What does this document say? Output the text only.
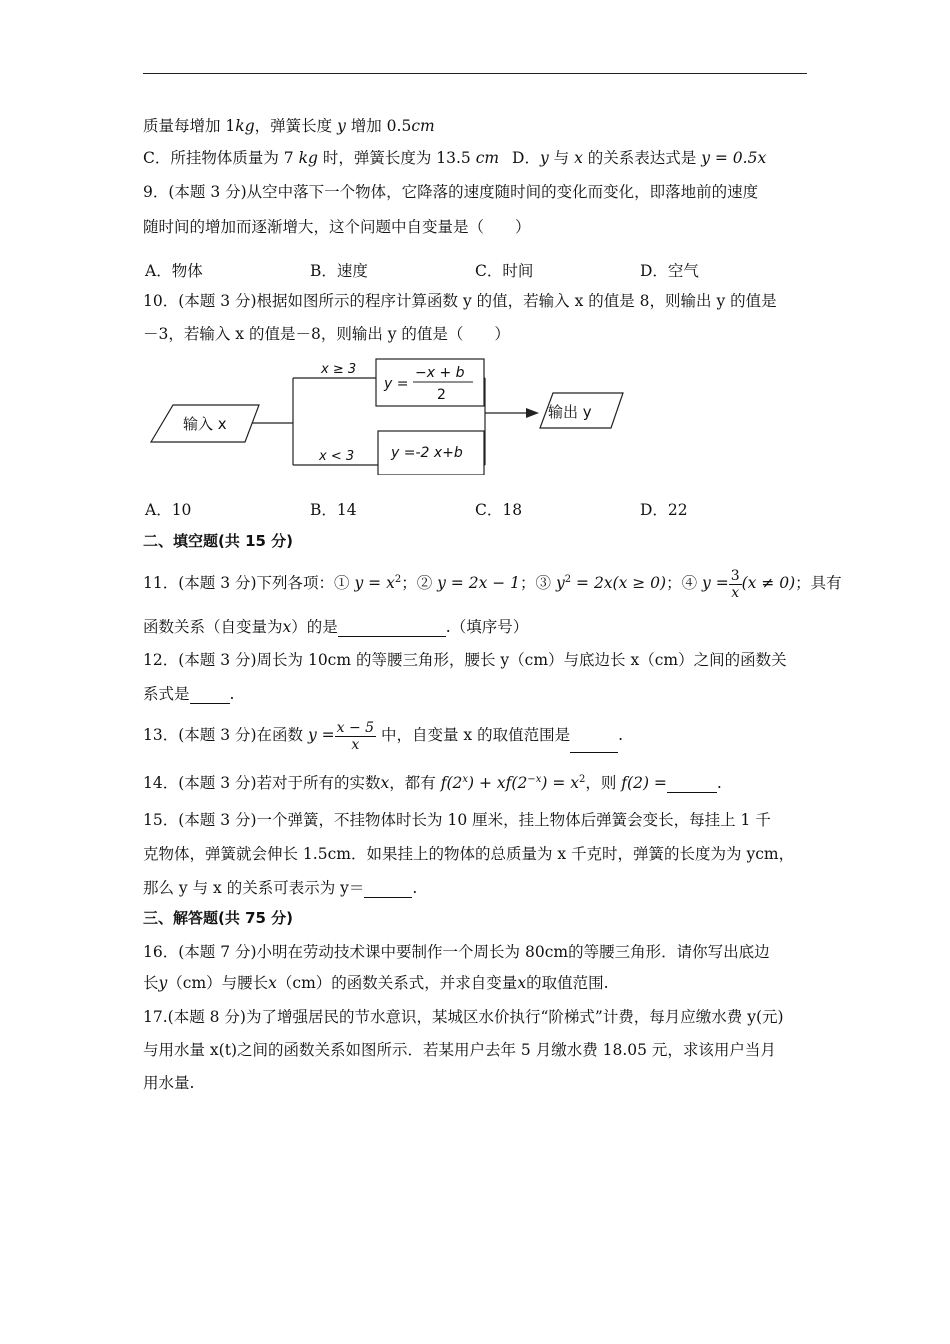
质量每增加 1kg，弹簧长度 y 增加 0.5cm
C．所挂物体质量为 7 kg 时，弹簧长度为 13.5 cm D．y 与 x 的关系表达式是 y = 0.5x
9．(本题 3 分)从空中落下一个物体，它降落的速度随时间的变化而变化，即落地前的速度
随时间的增加而逐渐增大，这个问题中自变量是（　　）
A．物体	B．速度	C．时间	D．空气
10．(本题 3 分)根据如图所示的程序计算函数 y 的值，若输入 x 的值是 8，则输出 y 的值是
－3，若输入 x 的值是－8，则输出 y 的值是（　　）
输入 x
x ≥ 3
x < 3
y =
−x + b
2
y =-2 x+b
输出 y
A．10	B．14	C．18	D．22
二、填空题(共 15 分)
11．(本题 3 分)下列各项：① $y = x^2$；② y = 2x − 1；③ $y^2 = 2x(x \ge 0)$；④ $y = \frac{3}{x} (x \ne 0)$；具有
函数关系（自变量为x）的是	.（填序号）
12．(本题 3 分)周长为 10cm 的等腰三角形，腰长 y（cm）与底边长 x（cm）之间的函数关
系式是	.
13．(本题 3 分)在函数 $y = \frac{x - 5}{x}$ 中，自变量 x 的取值范围是	.
14．(本题 3 分)若对于所有的实数x，都有 $f(2^x) + xf(2^{-x}) = x^2$，则 f(2) =	.
15．(本题 3 分)一个弹簧，不挂物体时长为 10 厘米，挂上物体后弹簧会变长，每挂上 1 千
克物体，弹簧就会伸长 1.5cm．如果挂上的物体的总质量为 x 千克时，弹簧的长度为为 ycm，
那么 y 与 x 的关系可表示为 y＝	.
三、解答题(共 75 分)
16．(本题 7 分)小明在劳动技术课中要制作一个周长为 80cm的等腰三角形．请你写出底边
长y（cm）与腰长x（cm）的函数关系式，并求自变量x的取值范围.
17.(本题 8 分)为了增强居民的节水意识，某城区水价执行“阶梯式”计费，每月应缴水费 y(元)
与用水量 x(t)之间的函数关系如图所示．若某用户去年 5 月缴水费 18.05 元，求该用户当月
用水量.
